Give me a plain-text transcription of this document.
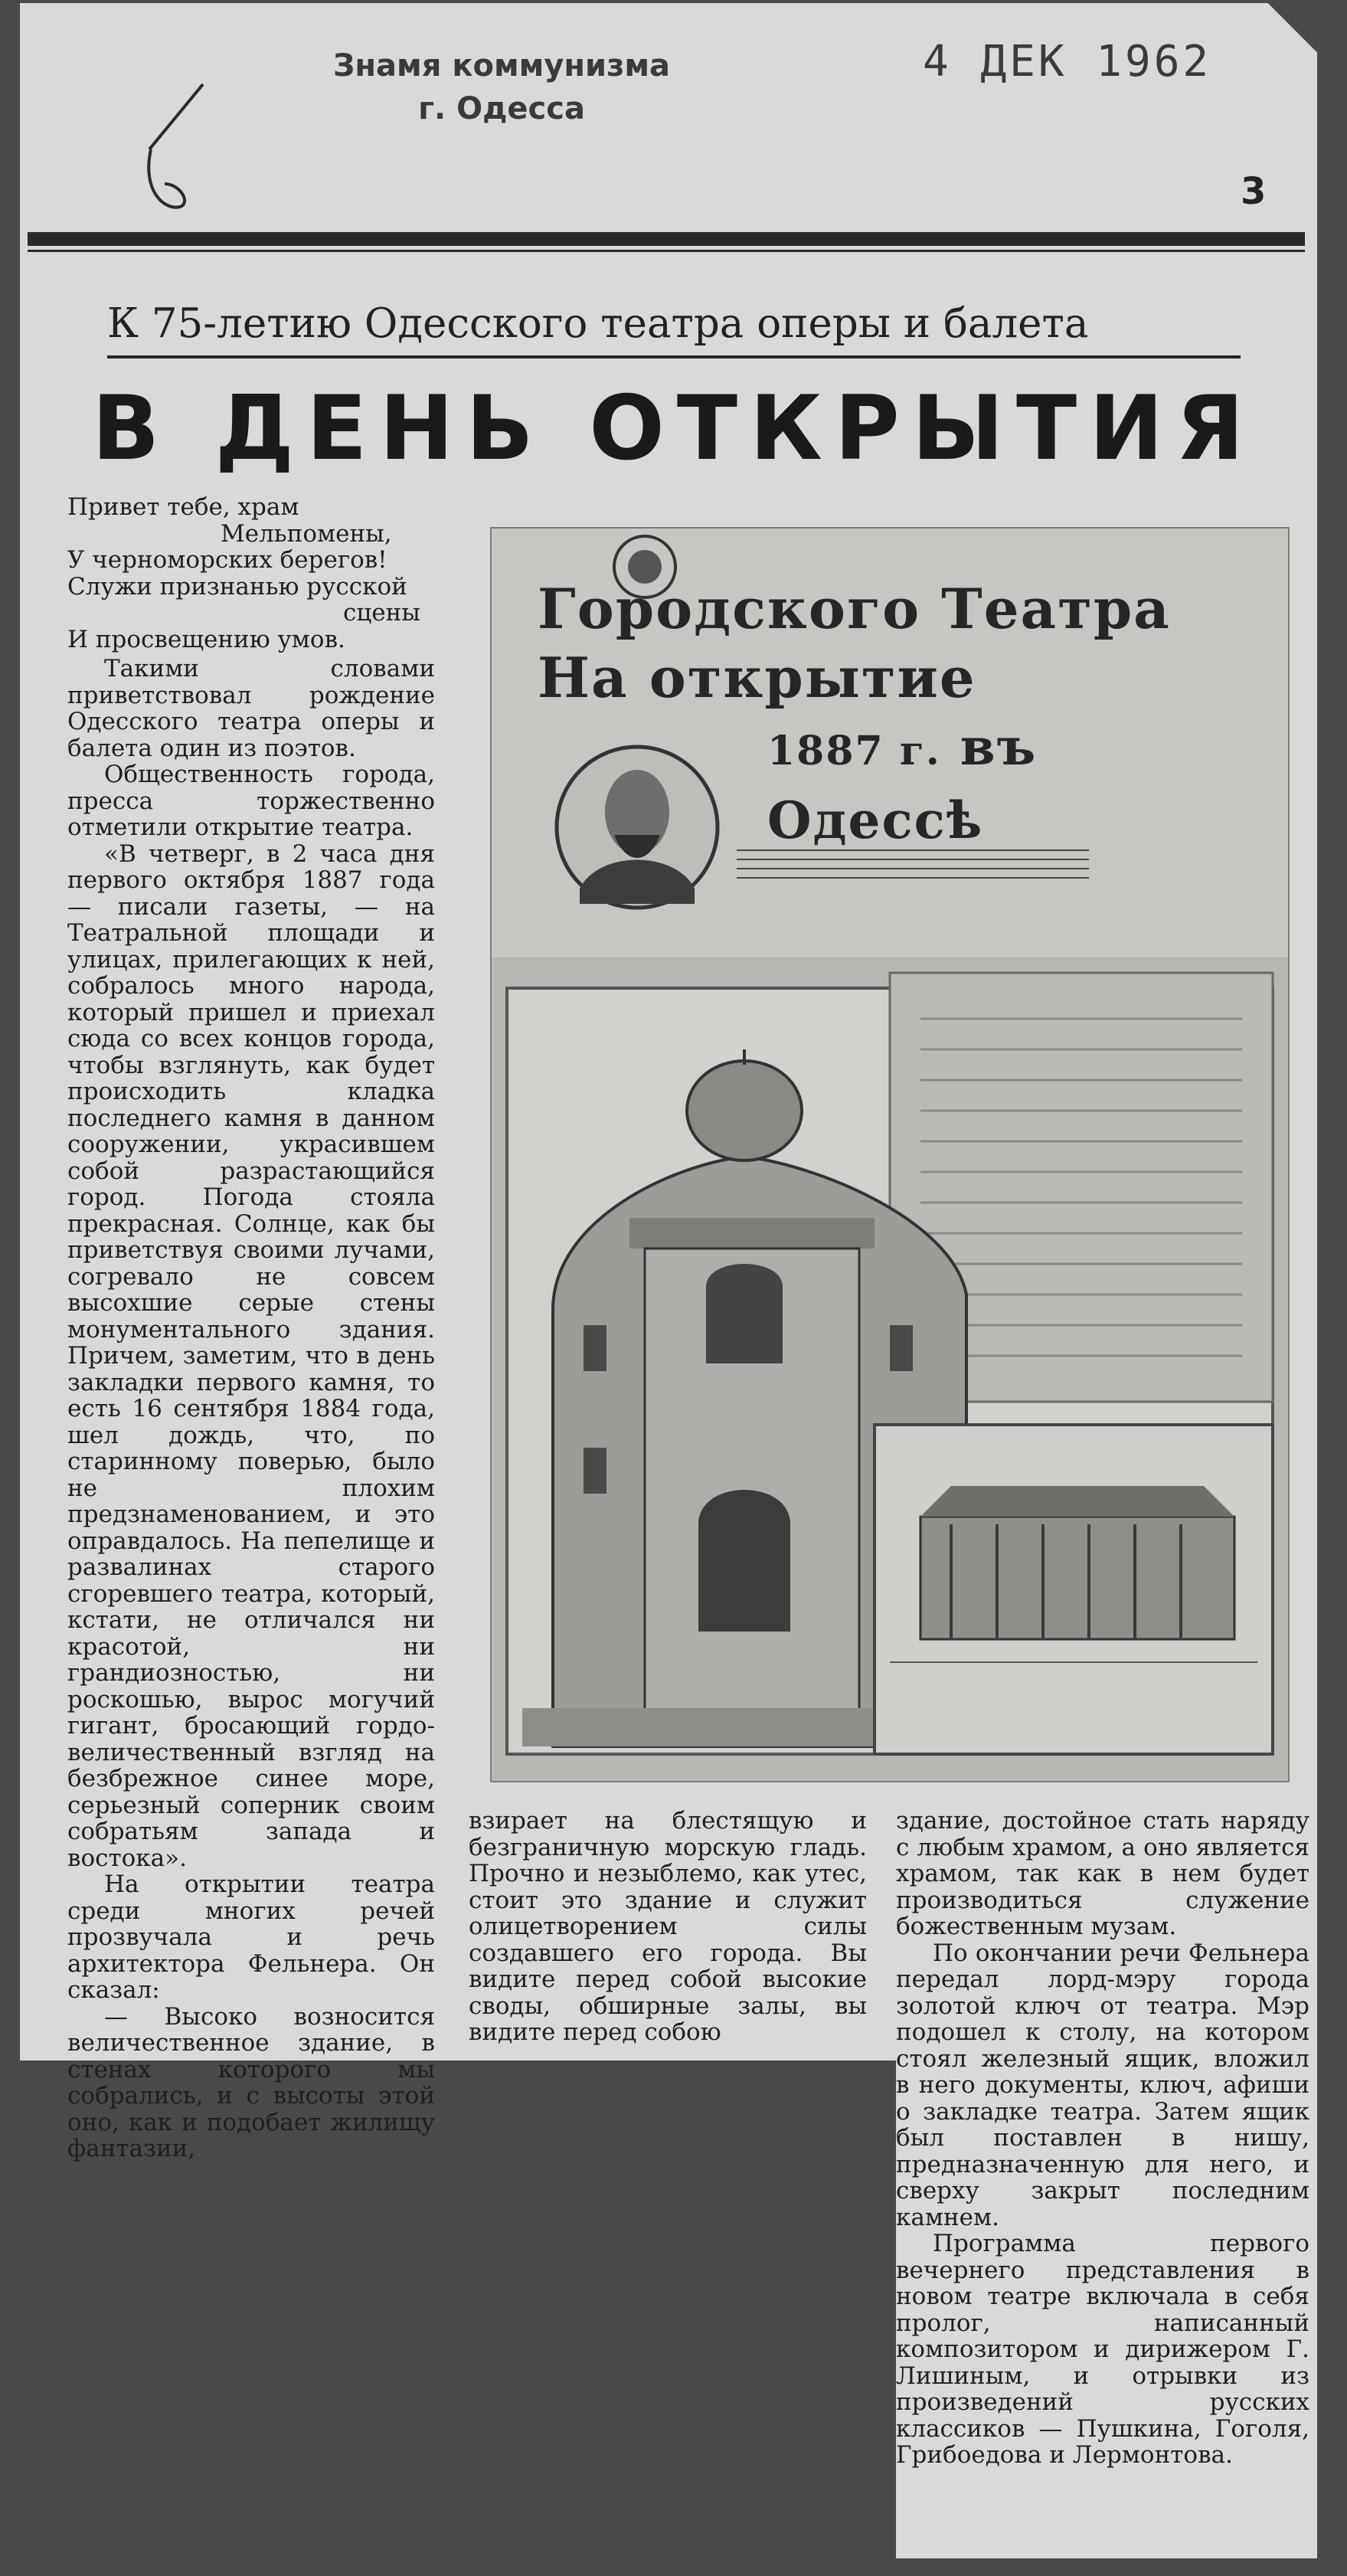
Знамя коммунизма
г. Одесса
4 ДЕК 1962
3
К 75-летию Одесского театра оперы и балета
В ДЕНЬ ОТКРЫТИЯ
Привет тебе, храм
Мельпомены,
У черноморских берегов!
Служи признанью русской
сцены
И просвещению умов.

Такими словами приветствовал рождение Одесского театра оперы и балета один из поэтов.

Общественность города, пресса торжественно отметили открытие театра.

«В четверг, в 2 часа дня первого октября 1887 года — писали газеты, — на Театральной площади и улицах, прилегающих к ней, собралось много народа, который пришел и приехал сюда со всех концов города, чтобы взглянуть, как будет происходить кладка последнего камня в данном сооружении, украсившем собой разрастающийся город. Погода стояла прекрасная. Солнце, как бы приветствуя своими лучами, согревало не совсем высохшие серые стены монументального здания. Причем, заметим, что в день закладки первого камня, то есть 16 сентября 1884 года, шел дождь, что, по старинному поверью, было не плохим предзнаменованием, и это оправдалось. На пепелище и развалинах старого сгоревшего театра, который, кстати, не отличался ни красотой, ни грандиозностью, ни роскошью, вырос могучий гигант, бросающий гордо-величественный взгляд на безбрежное синее море, серьезный соперник своим собратьям запада и востока».

На открытии театра среди многих речей прозвучала и речь архитектора Фельнера. Он сказал:

— Высоко возносится величественное здание, в стенах которого мы собрались, и с высоты этой оно, как и подобает жилищу фантазии,

Городского Театра На открытие
1887 г. въ Одессѣ

взирает на блестящую и безграничную морскую гладь. Прочно и незыблемо, как утес, стоит это здание и служит олицетворением силы создавшего его города. Вы видите перед собой высокие своды, обширные залы, вы видите перед собою

здание, достойное стать наряду с любым храмом, а оно является храмом, так как в нем будет производиться служение божественным музам.

По окончании речи Фельнера передал лорд-мэру города золотой ключ от театра. Мэр подошел к столу, на котором стоял железный ящик, вложил в него документы, ключ, афиши о закладке театра. Затем ящик был поставлен в нишу, предназначенную для него, и сверху закрыт последним камнем.

Программа первого вечернего представления в новом театре включала в себя пролог, написанный композитором и дирижером Г. Лишиным, и отрывки из произведений русских классиков — Пушкина, Гоголя, Грибоедова и Лермонтова.
